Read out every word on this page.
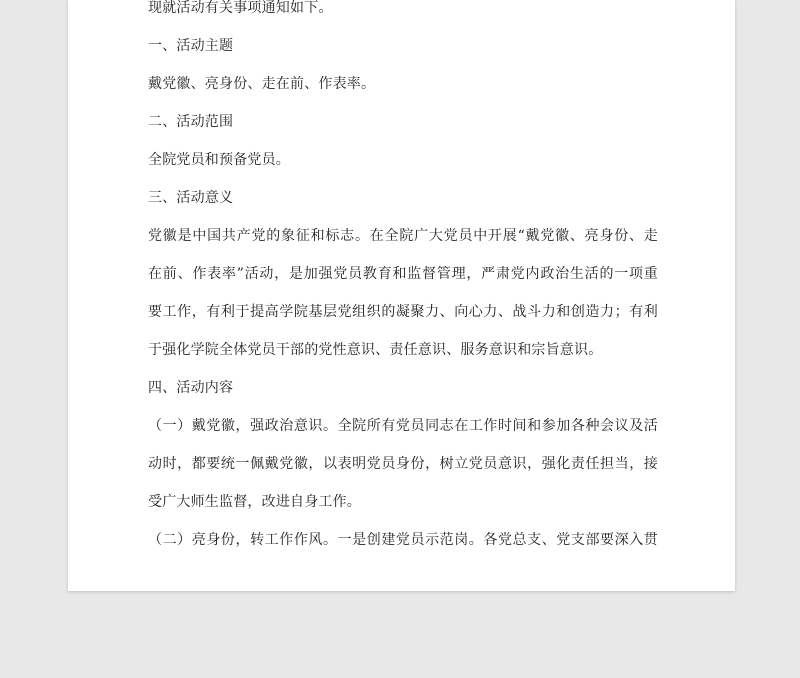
现就活动有关事项通知如下。
一、活动主题
戴党徽、亮身份、走在前、作表率。
二、活动范围
全院党员和预备党员。
三、活动意义
党徽是中国共产党的象征和标志。在全院广大党员中开展“戴党徽、亮身份、走
在前、作表率”活动，是加强党员教育和监督管理，严肃党内政治生活的一项重
要工作，有利于提高学院基层党组织的凝聚力、向心力、战斗力和创造力；有利
于强化学院全体党员干部的党性意识、责任意识、服务意识和宗旨意识。
四、活动内容
（一）戴党徽，强政治意识。全院所有党员同志在工作时间和参加各种会议及活
动时，都要统一佩戴党徽，以表明党员身份，树立党员意识，强化责任担当，接
受广大师生监督，改进自身工作。
（二）亮身份，转工作作风。一是创建党员示范岗。各党总支、党支部要深入贯
